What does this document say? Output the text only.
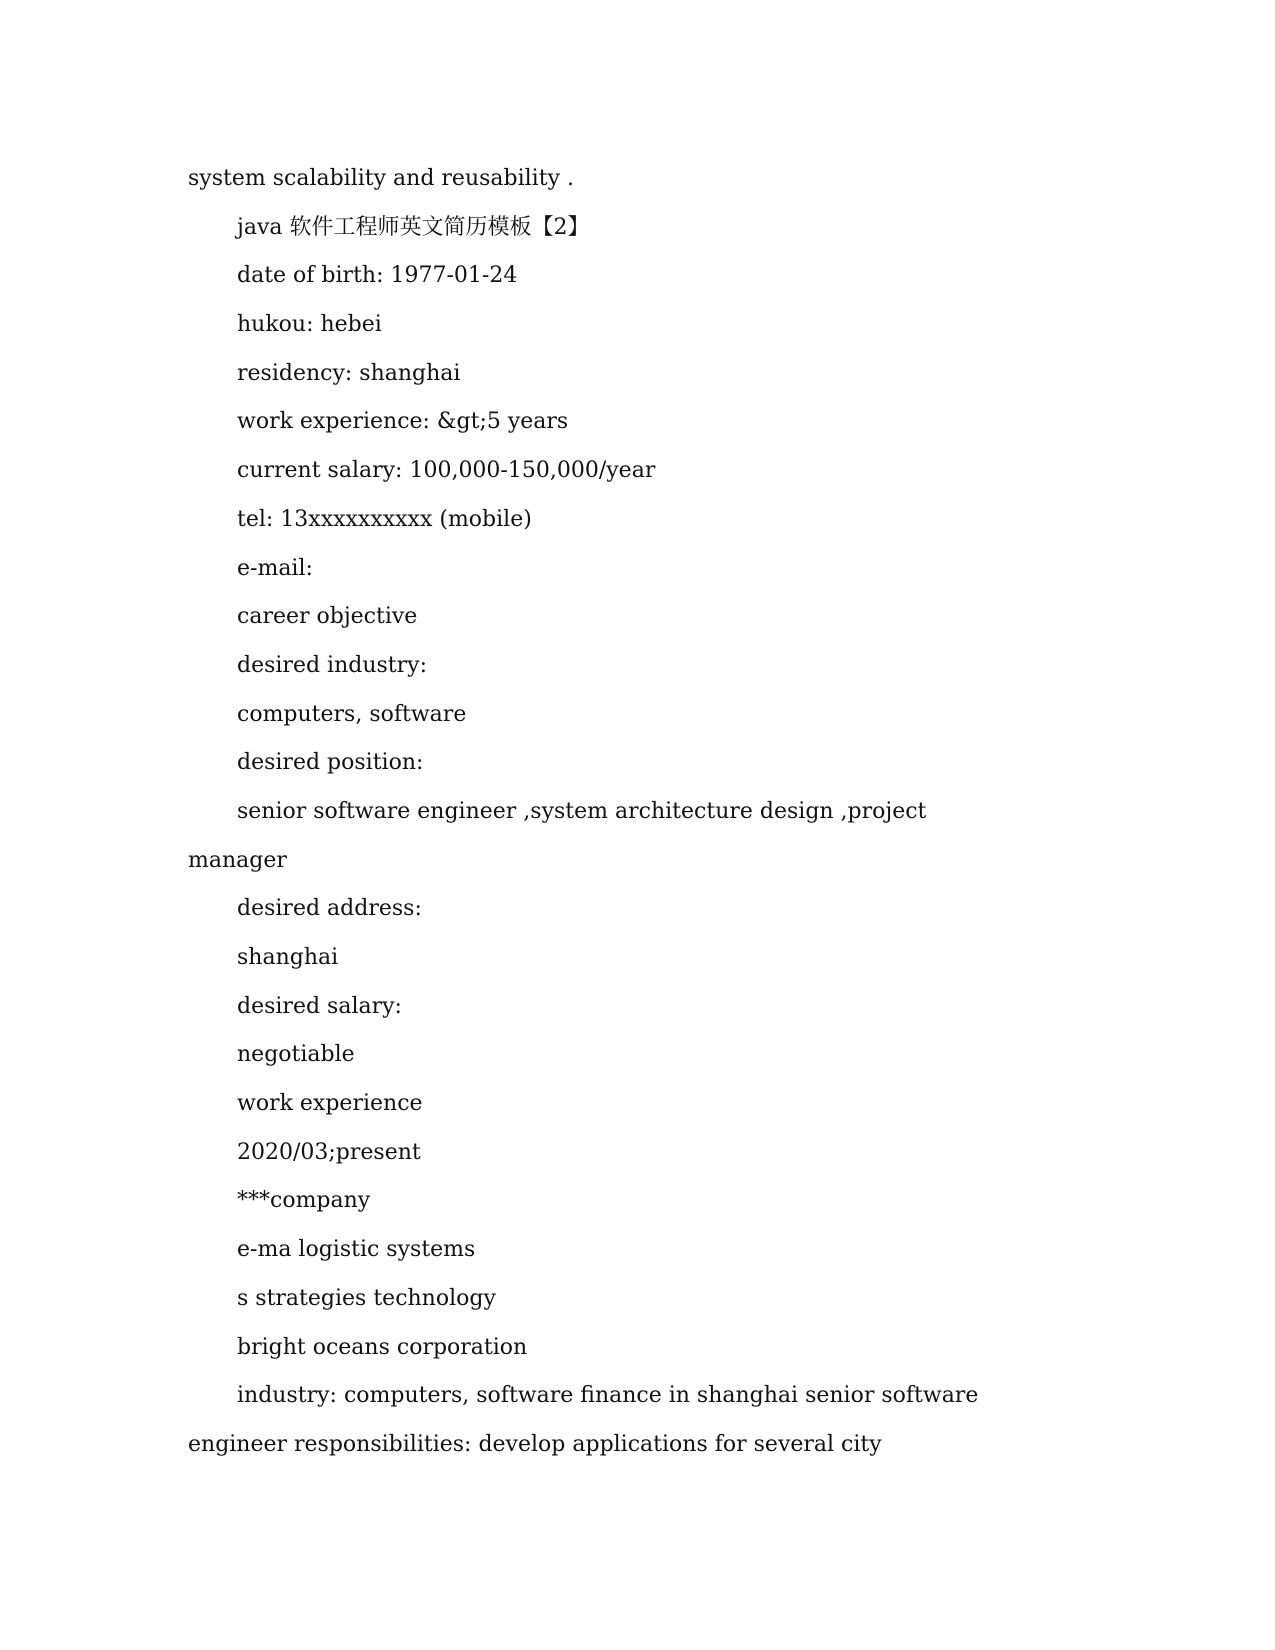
system scalability and reusability .
java 软件工程师英文简历模板【2】
date of birth: 1977-01-24
hukou: hebei
residency: shanghai
work experience: &gt;5 years
current salary: 100,000-150,000/year
tel: 13xxxxxxxxxx (mobile)
e-mail:
career objective
desired industry:
computers, software
desired position:
senior software engineer ,system architecture design ,project
manager
desired address:
shanghai
desired salary:
negotiable
work experience
2020/03;present
***company
e-ma logistic systems
s strategies technology
bright oceans corporation
industry: computers, software finance in shanghai senior software
engineer responsibilities: develop applications for several city
